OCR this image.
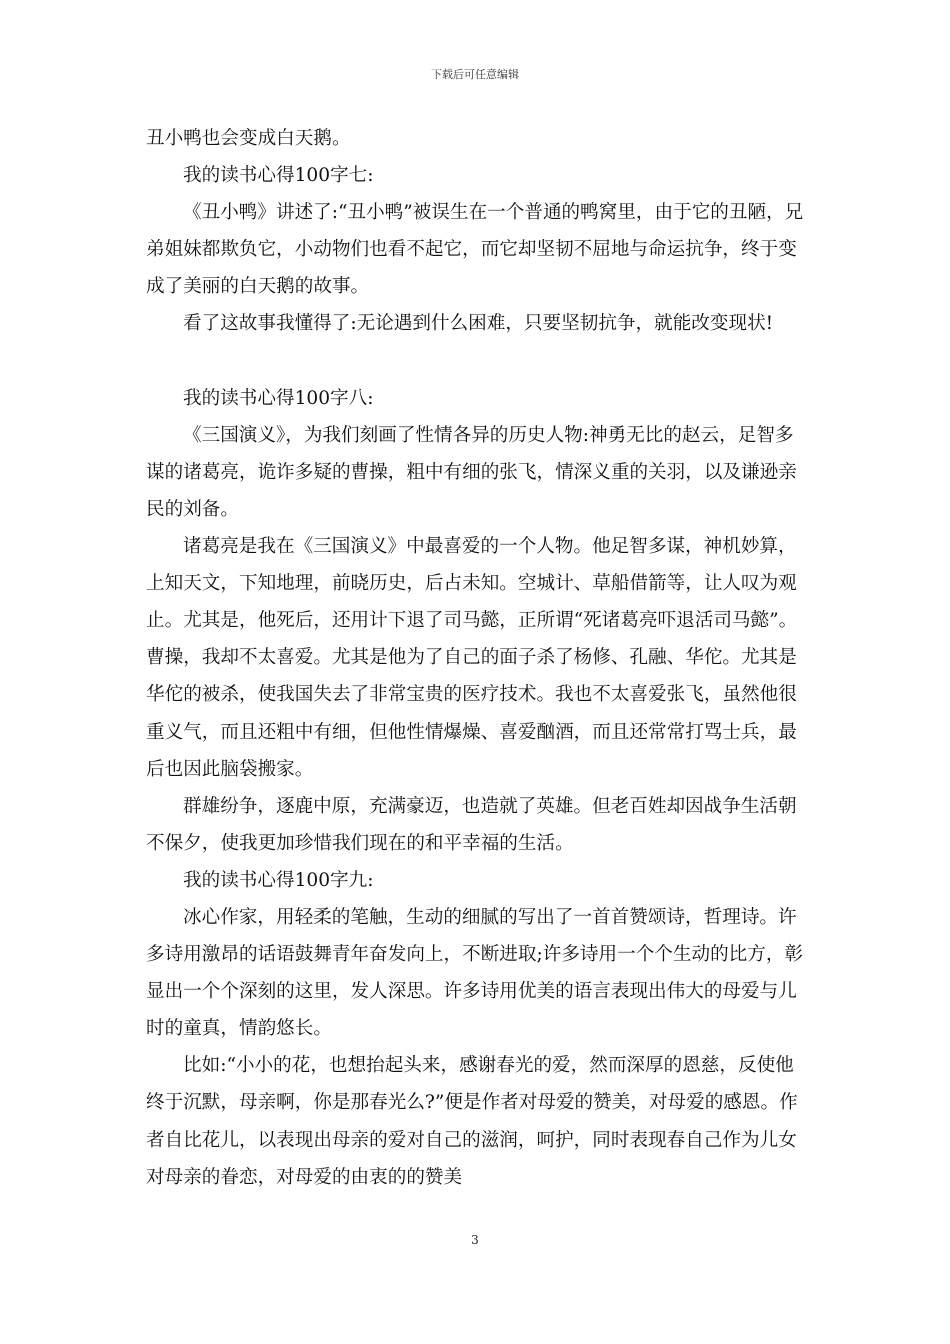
下载后可任意编辑

丑小鸭也会变成白天鹅。

我的读书心得100字七:

《丑小鸭》讲述了:“丑小鸭”被误生在一个普通的鸭窝里，由于它的丑陋，兄弟姐妹都欺负它，小动物们也看不起它，而它却坚韧不屈地与命运抗争，终于变成了美丽的白天鹅的故事。

看了这故事我懂得了:无论遇到什么困难，只要坚韧抗争，就能改变现状!

我的读书心得100字八:

《三国演义》，为我们刻画了性情各异的历史人物:神勇无比的赵云，足智多谋的诸葛亮，诡诈多疑的曹操，粗中有细的张飞，情深义重的关羽，以及谦逊亲民的刘备。

诸葛亮是我在《三国演义》中最喜爱的一个人物。他足智多谋，神机妙算，上知天文，下知地理，前晓历史，后占未知。空城计、草船借箭等，让人叹为观止。尤其是，他死后，还用计下退了司马懿，正所谓“死诸葛亮吓退活司马懿”。曹操，我却不太喜爱。尤其是他为了自己的面子杀了杨修、孔融、华佗。尤其是华佗的被杀，使我国失去了非常宝贵的医疗技术。我也不太喜爱张飞，虽然他很重义气，而且还粗中有细，但他性情爆燥、喜爱酗酒，而且还常常打骂士兵，最后也因此脑袋搬家。

群雄纷争，逐鹿中原，充满豪迈，也造就了英雄。但老百姓却因战争生活朝不保夕，使我更加珍惜我们现在的和平幸福的生活。

我的读书心得100字九:

冰心作家，用轻柔的笔触，生动的细腻的写出了一首首赞颂诗，哲理诗。许多诗用激昂的话语鼓舞青年奋发向上，不断进取;许多诗用一个个生动的比方，彰显出一个个深刻的这里，发人深思。许多诗用优美的语言表现出伟大的母爱与儿时的童真，情韵悠长。

比如:“小小的花，也想抬起头来，感谢春光的爱，然而深厚的恩慈，反使他终于沉默，母亲啊，你是那春光么?”便是作者对母爱的赞美，对母爱的感恩。作者自比花儿，以表现出母亲的爱对自己的滋润，呵护，同时表现春自己作为儿女对母亲的眷恋，对母爱的由衷的的赞美

3
